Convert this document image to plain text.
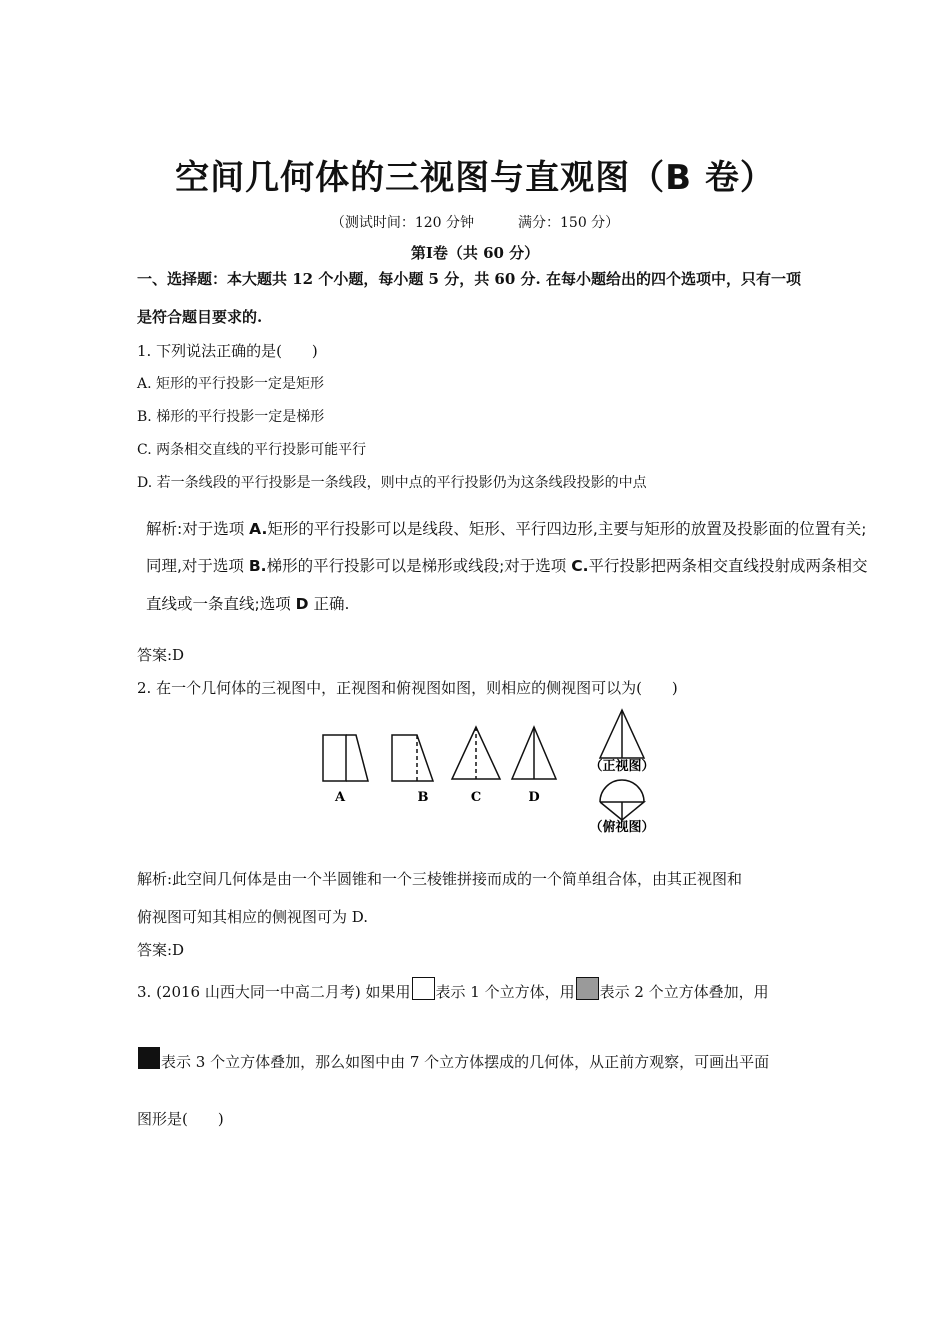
空间几何体的三视图与直观图（B 卷）
（测试时间：120 分钟	满分：150 分）
第Ⅰ卷（共 60 分）
一、选择题：本大题共 12 个小题，每小题 5 分，共 60 分. 在每小题给出的四个选项中，只有一项
是符合题目要求的.
1. 下列说法正确的是(　　)
A. 矩形的平行投影一定是矩形
B. 梯形的平行投影一定是梯形
C. 两条相交直线的平行投影可能平行
D. 若一条线段的平行投影是一条线段，则中点的平行投影仍为这条线段投影的中点
解析:对于选项 A.矩形的平行投影可以是线段、矩形、平行四边形,主要与矩形的放置及投影面的位置有关;
同理,对于选项 B.梯形的平行投影可以是梯形或线段;对于选项 C.平行投影把两条相交直线投射成两条相交
直线或一条直线;选项 D 正确.
答案:D
2. 在一个几何体的三视图中，正视图和俯视图如图，则相应的侧视图可以为(　　)
A	B	C	D
（正视图）
（俯视图）
解析:此空间几何体是由一个半圆锥和一个三棱锥拼接而成的一个简单组合体，由其正视图和
俯视图可知其相应的侧视图可为 D.
答案:D
3. (2016 山西大同一中高二月考) 如果用 表示 1 个立方体，用 表示 2 个立方体叠加，用
表示 3 个立方体叠加，那么如图中由 7 个立方体摆成的几何体，从正前方观察，可画出平面
图形是(　　)
